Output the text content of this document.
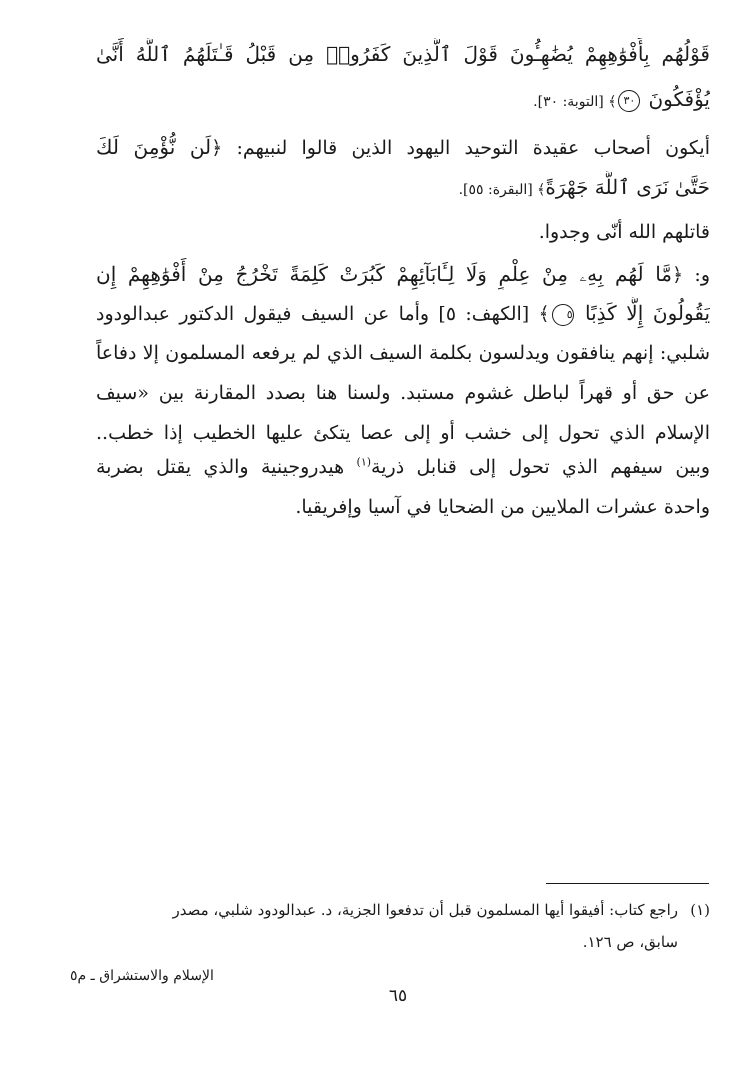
قَوْلُهُم بِأَفْوَٰهِهِمْ يُضَٰهِـُٔونَ قَوْلَ ٱلَّذِينَ كَفَرُوا۟ مِن قَبْلُ قَـٰتَلَهُمُ ٱللَّهُ أَنَّىٰ
يُؤْفَكُونَ ٣٠﴾ [التوبة: ٣٠].
أيكون أصحاب عقيدة التوحيد اليهود الذين قالوا لنبيهم: ﴿لَن نُّؤْمِنَ لَكَ
حَتَّىٰ نَرَى ٱللَّهَ جَهْرَةً﴾ [البقرة: ٥٥].
قاتلهم الله أنّى وجدوا.
و: ﴿مَّا لَهُم بِهِۦ مِنْ عِلْمٍ وَلَا لِـَٔابَآئِهِمْ كَبُرَتْ كَلِمَةً تَخْرُجُ مِنْ أَفْوَٰهِهِمْ إِن
يَقُولُونَ إِلَّا كَذِبًا ٥﴾ [الكهف: ٥] وأما عن السيف فيقول الدكتور عبدالودود
شلبي: إنهم ينافقون ويدلسون بكلمة السيف الذي لم يرفعه المسلمون إلا دفاعاً
عن حق أو قهراً لباطل غشوم مستبد. ولسنا هنا بصدد المقارنة بين «سيف
الإسلام الذي تحول إلى خشب أو إلى عصا يتكئ عليها الخطيب إذا خطب..
وبين سيفهم الذي تحول إلى قنابل ذرية$^{(١)}$ هيدروجينية والذي يقتل بضربة
واحدة عشرات الملايين من الضحايا في آسيا وإفريقيا.
(١)راجع كتاب: أفيقوا أيها المسلمون قبل أن تدفعوا الجزية، د. عبدالودود شلبي، مصدر
سابق، ص ١٢٦.
الإسلام والاستشراق ـ م٥
٦٥
